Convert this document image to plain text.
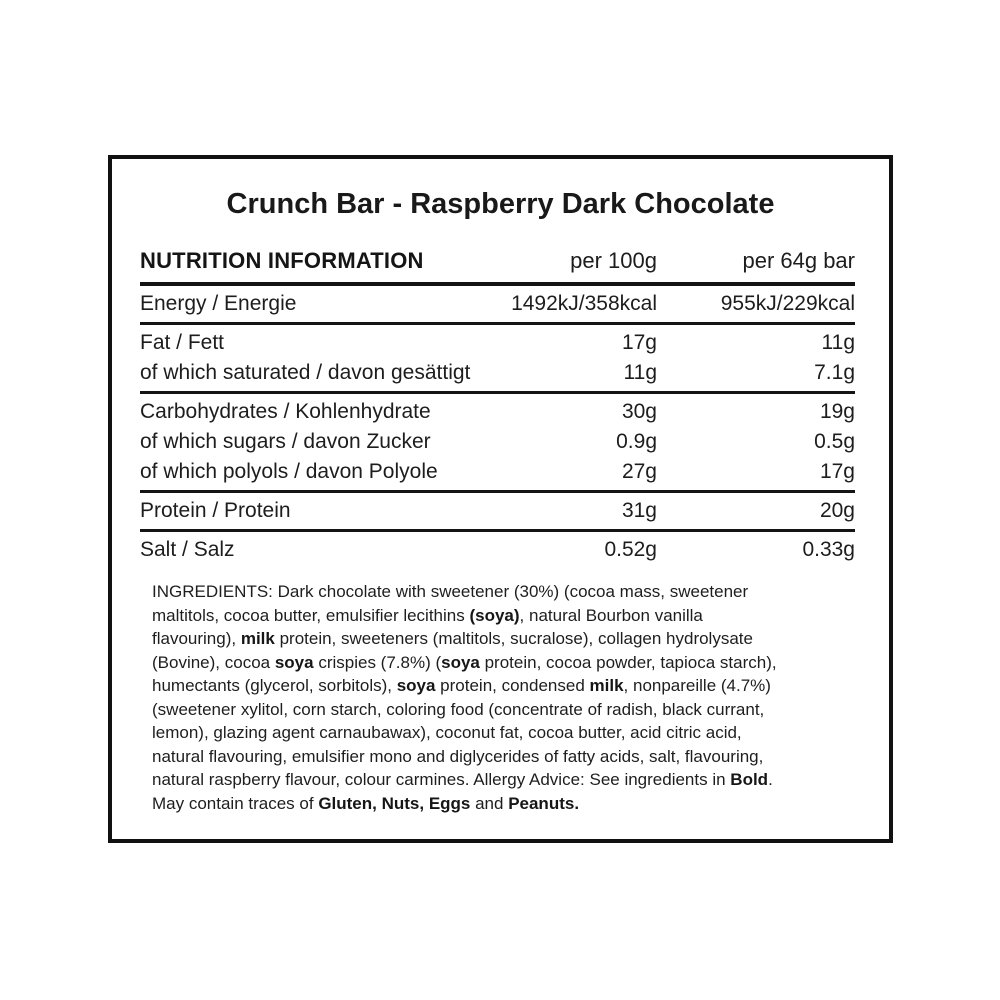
Crunch Bar - Raspberry Dark Chocolate
NUTRITION INFORMATION	per 100g	per 64g bar
Energy / Energie	1492kJ/358kcal	955kJ/229kcal
Fat / Fett	17g	11g
of which saturated / davon gesättigt	11g	7.1g
Carbohydrates / Kohlenhydrate	30g	19g
of which sugars / davon Zucker	0.9g	0.5g
of which polyols / davon Polyole	27g	17g
Protein / Protein	31g	20g
Salt / Salz	0.52g	0.33g

INGREDIENTS: Dark chocolate with sweetener (30%) (cocoa mass, sweetener maltitols, cocoa butter, emulsifier lecithins (soya), natural Bourbon vanilla flavouring), milk protein, sweeteners (maltitols, sucralose), collagen hydrolysate (Bovine), cocoa soya crispies (7.8%) (soya protein, cocoa powder, tapioca starch), humectants (glycerol, sorbitols), soya protein, condensed milk, nonpareille (4.7%) (sweetener xylitol, corn starch, coloring food (concentrate of radish, black currant, lemon), glazing agent carnaubawax), coconut fat, cocoa butter, acid citric acid, natural flavouring, emulsifier mono and diglycerides of fatty acids, salt, flavouring, natural raspberry flavour, colour carmines. Allergy Advice: See ingredients in Bold. May contain traces of Gluten, Nuts, Eggs and Peanuts.
